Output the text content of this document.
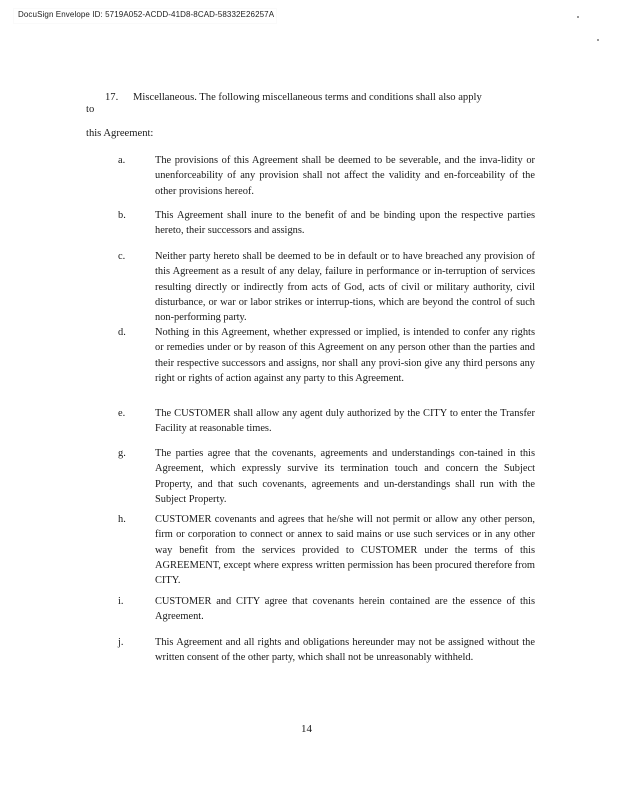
DocuSign Envelope ID: 5719A052-ACDD-41D8-8CAD-58332E26257A
17. Miscellaneous. The following miscellaneous terms and conditions shall also apply
to
this Agreement:
a.	The provisions of this Agreement shall be deemed to be severable, and the inva-lidity or unenforceability of any provision shall not affect the validity and en-forceability of the other provisions hereof.
b.	This Agreement shall inure to the benefit of and be binding upon the respective parties hereto, their successors and assigns.
c.	Neither party hereto shall be deemed to be in default or to have breached any provision of this Agreement as a result of any delay, failure in performance or in-terruption of services resulting directly or indirectly from acts of God, acts of civil or military authority, civil disturbance, or war or labor strikes or interrup-tions, which are beyond the control of such non-performing party.
d.	Nothing in this Agreement, whether expressed or implied, is intended to confer any rights or remedies under or by reason of this Agreement on any person other than the parties and their respective successors and assigns, nor shall any provi-sion give any third persons any right or rights of action against any party to this Agreement.
e.	The CUSTOMER shall allow any agent duly authorized by the CITY to enter the Transfer Facility at reasonable times.
g.	The parties agree that the covenants, agreements and understandings con-tained in this Agreement, which expressly survive its termination touch and concern the Subject Property, and that such covenants, agreements and un-derstandings shall run with the Subject Property.
h.	CUSTOMER covenants and agrees that he/she will not permit or allow any other person, firm or corporation to connect or annex to said mains or use such services or in any other way benefit from the services provided to CUSTOMER under the terms of this AGREEMENT, except where express written permission has been procured therefore from CITY.
i.	CUSTOMER and CITY agree that covenants herein contained are the essence of this Agreement.
j.	This Agreement and all rights and obligations hereunder may not be assigned without the written consent of the other party, which shall not be unreasonably withheld.
14
